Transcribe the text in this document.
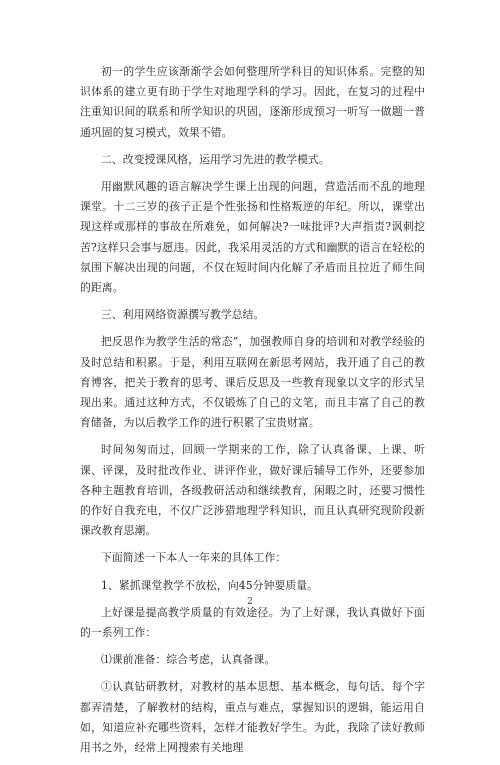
初一的学生应该渐渐学会如何整理所学科目的知识体系。完整的知识体系的建立更有助于学生对地理学科的学习。因此，在复习的过程中注重知识间的联系和所学知识的巩固，逐渐形成预习一听写一做题一普通巩固的复习模式，效果不错。

二、改变授课风格，运用学习先进的教学模式。

用幽默风趣的语言解决学生课上出现的问题，营造活而不乱的地理课堂。十二三岁的孩子正是个性张扬和性格叛逆的年纪。所以，课堂出现这样或那样的事故在所难免，如何解决?一味批评?大声指责?讽刺挖苦?这样只会事与愿违。因此，我采用灵活的方式和幽默的语言在轻松的氛围下解决出现的问题，不仅在短时间内化解了矛盾而且拉近了师生间的距离。

三、利用网络资源撰写教学总结。

把反思作为教学生活的常态”，加强教师自身的培训和对教学经验的及时总结和积累。于是，利用互联网在新思考网站，我开通了自己的教育博客，把关于教育的思考、课后反思及一些教育现象以文字的形式呈现出来。通过这种方式，不仅锻炼了自己的文笔，而且丰富了自己的教育储备，为以后教学工作的进行积累了宝贵财富。

时间匆匆而过，回顾一学期来的工作，除了认真备课、上课、听课、评课，及时批改作业、讲评作业，做好课后辅导工作外，还要参加各种主题教育培训，各级教研活动和继续教育，闲暇之时，还要习惯性的作好自我充电，不仅广泛涉猎地理学科知识，而且认真研究现阶段新课改教育思潮。

下面简述一下本人一年来的具体工作：

1、紧抓课堂教学不放松，向45分钟要质量。

上好课是提高教学质量的有效途径。为了上好课，我认真做好下面的一系列工作：

⑴课前准备：综合考虑，认真备课。

①认真钻研教材，对教材的基本思想、基本概念，每句话、每个字都弄清楚，了解教材的结构，重点与难点，掌握知识的逻辑，能运用自如，知道应补充哪些资料，怎样才能教好学生。为此，我除了读好教师用书之外，经常上网搜索有关地理

2
